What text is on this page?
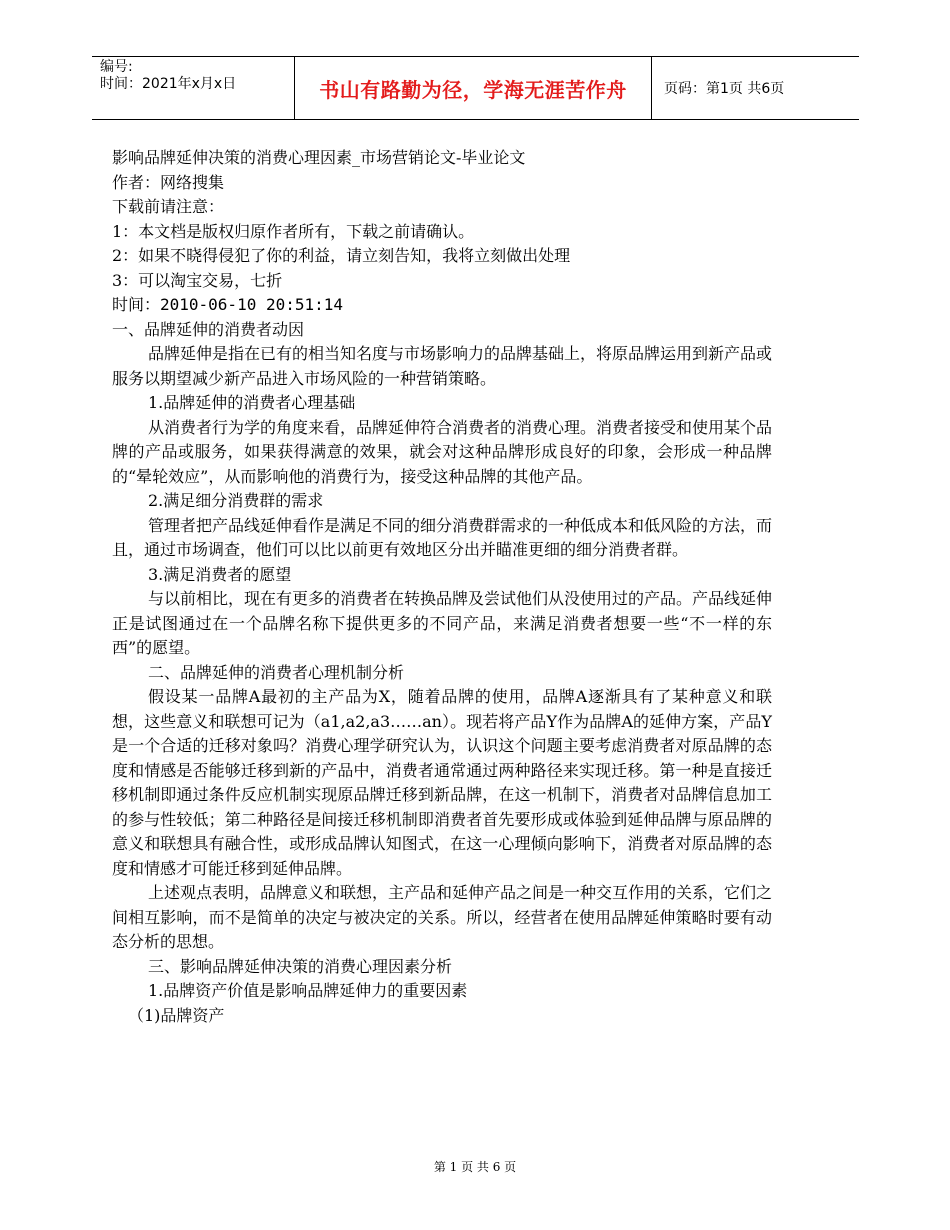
编号:
时间：2021年x月x日	书山有路勤为径，学海无涯苦作舟	页码：第1页 共6页

影响品牌延伸决策的消费心理因素_市场营销论文-毕业论文

作者：网络搜集

下载前请注意：

1：本文档是版权归原作者所有，下载之前请确认。

2：如果不晓得侵犯了你的利益，请立刻告知，我将立刻做出处理

3：可以淘宝交易，七折

时间：2010-06-10 20:51:14

一、品牌延伸的消费者动因

品牌延伸是指在已有的相当知名度与市场影响力的品牌基础上，将原品牌运用到新产品或服务以期望减少新产品进入市场风险的一种营销策略。

1.品牌延伸的消费者心理基础

从消费者行为学的角度来看，品牌延伸符合消费者的消费心理。消费者接受和使用某个品牌的产品或服务，如果获得满意的效果，就会对这种品牌形成良好的印象，会形成一种品牌的“晕轮效应”，从而影响他的消费行为，接受这种品牌的其他产品。

2.满足细分消费群的需求

管理者把产品线延伸看作是满足不同的细分消费群需求的一种低成本和低风险的方法，而且，通过市场调查，他们可以比以前更有效地区分出并瞄准更细的细分消费者群。

3.满足消费者的愿望

与以前相比，现在有更多的消费者在转换品牌及尝试他们从没使用过的产品。产品线延伸正是试图通过在一个品牌名称下提供更多的不同产品，来满足消费者想要一些“不一样的东西”的愿望。

二、品牌延伸的消费者心理机制分析

假设某一品牌A最初的主产品为X，随着品牌的使用，品牌A逐渐具有了某种意义和联想，这些意义和联想可记为（a1,a2,a3……an）。现若将产品Y作为品牌A的延伸方案，产品Y是一个合适的迁移对象吗？消费心理学研究认为，认识这个问题主要考虑消费者对原品牌的态度和情感是否能够迁移到新的产品中，消费者通常通过两种路径来实现迁移。第一种是直接迁移机制即通过条件反应机制实现原品牌迁移到新品牌，在这一机制下，消费者对品牌信息加工的参与性较低；第二种路径是间接迁移机制即消费者首先要形成或体验到延伸品牌与原品牌的意义和联想具有融合性，或形成品牌认知图式，在这一心理倾向影响下，消费者对原品牌的态度和情感才可能迁移到延伸品牌。

上述观点表明，品牌意义和联想，主产品和延伸产品之间是一种交互作用的关系，它们之间相互影响，而不是简单的决定与被决定的关系。所以，经营者在使用品牌延伸策略时要有动态分析的思想。

三、影响品牌延伸决策的消费心理因素分析

1.品牌资产价值是影响品牌延伸力的重要因素

（1)品牌资产

第 1 页 共 6 页
